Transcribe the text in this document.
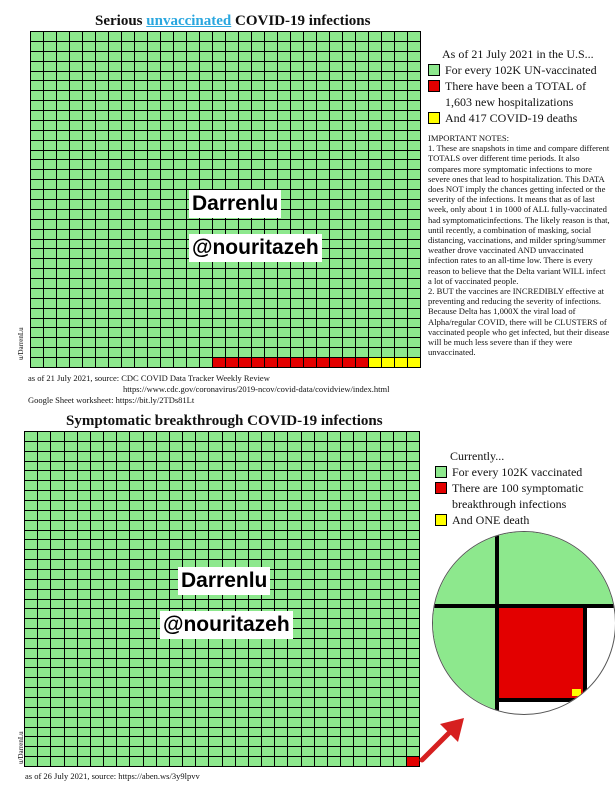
Serious unvaccinated COVID-19 infections
u/DarrenLu
Darrenlu
@nouritazeh
as of 21 July 2021, source: CDC COVID Data Tracker Weekly Review
https://www.cdc.gov/coronavirus/2019-ncov/covid-data/covidview/index.html
Google Sheet worksheet: https://bit.ly/2TDs81Lt
As of 21 July 2021 in the U.S...
For every 102K UN-vaccinated
There have been a TOTAL of 1,603 new hospitalizations
And 417 COVID-19 deaths

IMPORTANT NOTES:

1. These are snapshots in time and compare different TOTALS over different time periods. It also compares more symptomatic infections to more severe ones that lead to hospitalization. This DATA does NOT imply the chances getting infected or the severity of the infections. It means that as of last week, only about 1 in 1000 of ALL fully-vaccinated had symptomaticinfections. The likely reason is that, until recently, a combination of masking, social distancing, vaccinations, and milder spring/summer weather drove vaccinated AND unvaccinated infection rates to an all-time low. There is every reason to believe that the Delta variant WILL infect a lot of vaccinated people.

2. BUT the vaccines are INCREDIBLY effective at preventing and reducing the severity of infections. Because Delta has 1,000X the viral load of Alpha/regular COVID, there will be CLUSTERS of vaccinated people who get infected, but their disease will be much less severe than if they were unvaccinated.

Symptomatic breakthrough COVID-19 infections
u/DarrenLu
Darrenlu
@nouritazeh
as of 26 July 2021, source: https://aben.ws/3y9lpvv
Currently...
For every 102K vaccinated
There are 100 symptomatic breakthrough infections
And ONE death
